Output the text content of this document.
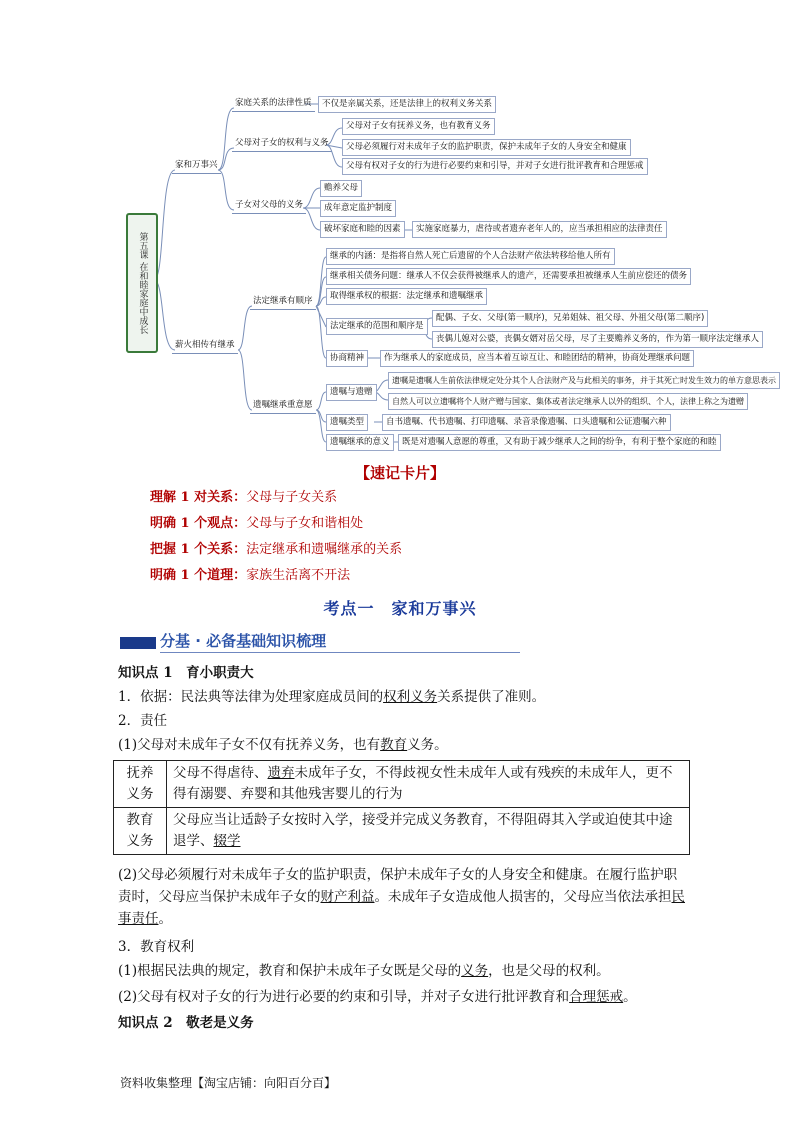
第五课 在和睦家庭中成长
家和万事兴
家庭关系的法律性质	不仅是亲属关系，还是法律上的权利义务关系
父母对子女的权利与义务
父母对子女有抚养义务，也有教育义务
父母必须履行对未成年子女的监护职责，保护未成年子女的人身安全和健康
父母有权对子女的行为进行必要约束和引导，并对子女进行批评教育和合理惩戒
子女对父母的义务
赡养父母
成年意定监护制度
破坏家庭和睦的因素	实施家庭暴力，虐待或者遗弃老年人的，应当承担相应的法律责任
薪火相传有继承
法定继承有顺序
继承的内涵：是指将自然人死亡后遗留的个人合法财产依法转移给他人所有
继承相关债务问题：继承人不仅会获得被继承人的遗产，还需要承担被继承人生前应偿还的债务
取得继承权的根据：法定继承和遗嘱继承
法定继承的范围和顺序是
配偶、子女、父母(第一顺序)，兄弟姐妹、祖父母、外祖父母(第二顺序)
丧偶儿媳对公婆，丧偶女婿对岳父母，尽了主要赡养义务的，作为第一顺序法定继承人
协商精神	作为继承人的家庭成员，应当本着互谅互让、和睦团结的精神，协商处理继承问题
遗嘱继承重意愿
遗嘱与遗赠
遗嘱是遗嘱人生前依法律规定处分其个人合法财产及与此相关的事务，并于其死亡时发生效力的单方意思表示
自然人可以立遗嘱将个人财产赠与国家、集体或者法定继承人以外的组织、个人，法律上称之为遗赠
遗嘱类型	自书遗嘱、代书遗嘱、打印遗嘱、录音录像遗嘱、口头遗嘱和公证遗嘱六种
遗嘱继承的意义	既是对遗嘱人意愿的尊重，又有助于减少继承人之间的纷争，有利于整个家庭的和睦
【速记卡片】
理解 1 对关系：父母与子女关系
明确 1 个观点：父母与子女和谐相处
把握 1 个关系：法定继承和遗嘱继承的关系
明确 1 个道理：家族生活离不开法
考点一　家和万事兴
分基 · 必备基础知识梳理
知识点 1　育小职责大
1．依据：民法典等法律为处理家庭成员间的权利义务关系提供了准则。
2．责任
(1)父母对未成年子女不仅有抚养义务，也有教育义务。
抚养义务	父母不得虐待、遗弃未成年子女，不得歧视女性未成年人或有残疾的未成年人，更不得有溺婴、弃婴和其他残害婴儿的行为
教育义务	父母应当让适龄子女按时入学，接受并完成义务教育，不得阻碍其入学或迫使其中途退学、辍学
(2)父母必须履行对未成年子女的监护职责，保护未成年子女的人身安全和健康。在履行监护职责时，父母应当保护未成年子女的财产利益。未成年子女造成他人损害的，父母应当依法承担民事责任。
3．教育权利
(1)根据民法典的规定，教育和保护未成年子女既是父母的义务，也是父母的权利。
(2)父母有权对子女的行为进行必要的约束和引导，并对子女进行批评教育和合理惩戒。
知识点 2　敬老是义务
资料收集整理【淘宝店铺：向阳百分百】
